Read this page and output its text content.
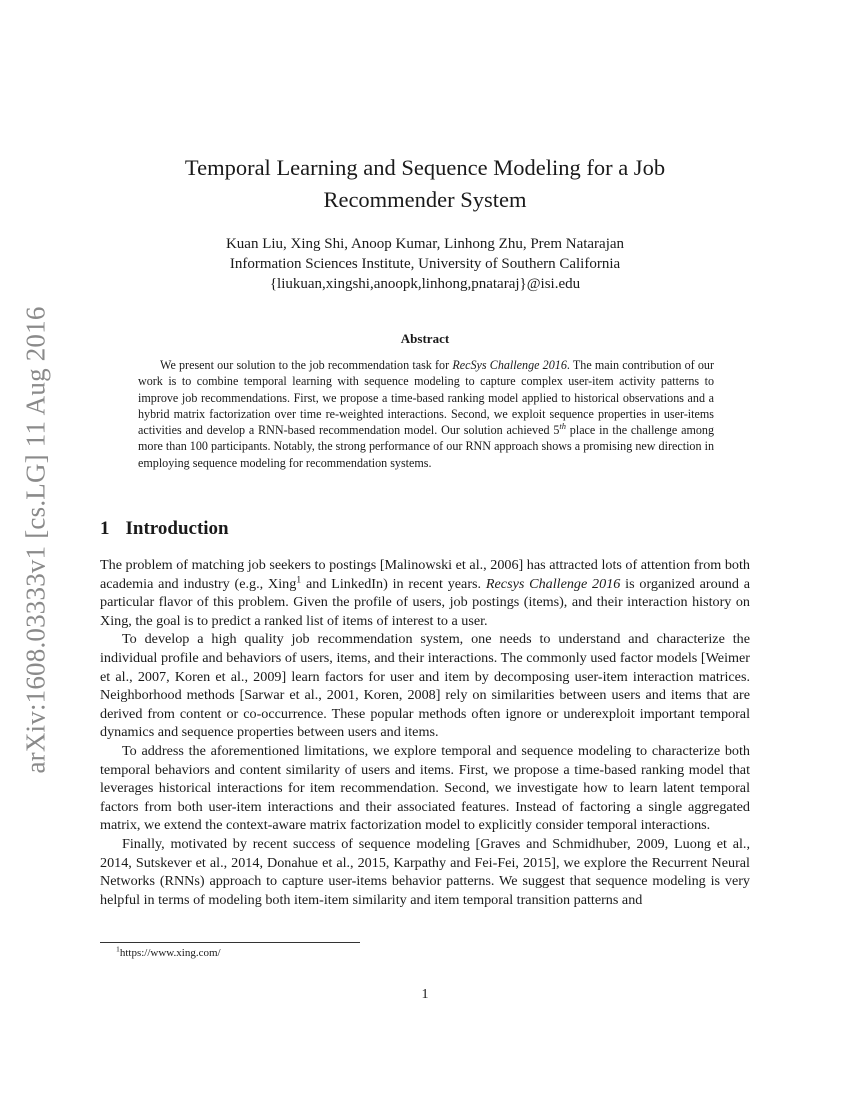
arXiv:1608.03333v1 [cs.LG] 11 Aug 2016
Temporal Learning and Sequence Modeling for a Job
Recommender System
Kuan Liu, Xing Shi, Anoop Kumar, Linhong Zhu, Prem Natarajan
Information Sciences Institute, University of Southern California
{liukuan,xingshi,anoopk,linhong,pnataraj}@isi.edu
Abstract

We present our solution to the job recommendation task for RecSys Challenge 2016. The main contribution of our work is to combine temporal learning with sequence modeling to capture complex user-item activity patterns to improve job recommendations. First, we propose a time-based ranking model applied to historical observations and a hybrid matrix factorization over time re-weighted interactions. Second, we exploit sequence properties in user-items activities and develop a RNN-based recommendation model. Our solution achieved 5th place in the challenge among more than 100 participants. Notably, the strong performance of our RNN approach shows a promising new direction in employing sequence modeling for recommendation systems.

1 Introduction

The problem of matching job seekers to postings [Malinowski et al., 2006] has attracted lots of attention from both academia and industry (e.g., Xing$^1$ and LinkedIn) in recent years. Recsys Challenge 2016 is organized around a particular flavor of this problem. Given the profile of users, job postings (items), and their interaction history on Xing, the goal is to predict a ranked list of items of interest to a user.

To develop a high quality job recommendation system, one needs to understand and characterize the individual profile and behaviors of users, items, and their interactions. The commonly used factor models [Weimer et al., 2007, Koren et al., 2009] learn factors for user and item by decomposing user-item interaction matrices. Neighborhood methods [Sarwar et al., 2001, Koren, 2008] rely on similarities between users and items that are derived from content or co-occurrence. These popular methods often ignore or underexploit important temporal dynamics and sequence properties between users and items.

To address the aforementioned limitations, we explore temporal and sequence modeling to characterize both temporal behaviors and content similarity of users and items. First, we propose a time-based ranking model that leverages historical interactions for item recommendation. Second, we investigate how to learn latent temporal factors from both user-item interactions and their associated features. Instead of factoring a single aggregated matrix, we extend the context-aware matrix factorization model to explicitly consider temporal interactions.

Finally, motivated by recent success of sequence modeling [Graves and Schmidhuber, 2009, Luong et al., 2014, Sutskever et al., 2014, Donahue et al., 2015, Karpathy and Fei-Fei, 2015], we explore the Recurrent Neural Networks (RNNs) approach to capture user-items behavior patterns. We suggest that sequence modeling is very helpful in terms of modeling both item-item similarity and item temporal transition patterns and

$^1$https://www.xing.com/
1
